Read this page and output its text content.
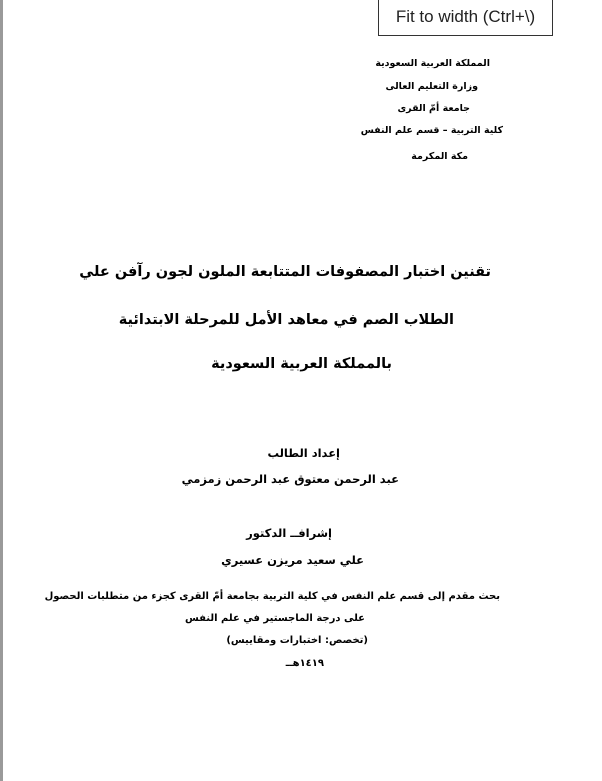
Fit to width (Ctrl+\)
المملكة العربية السعودية
وزارة التعليم العالى
جامعة أمّ القرى
كلية التربية – قسم علم النفس
مكة المكرمة
تقنين اختبار المصفوفات المتتابعة الملون لجون رآفن علي
الطلاب الصم في معاهد الأمل للمرحلة الابتدائية
بالمملكة العربية السعودية
إعداد الطالب
عبد الرحمن معتوق عبد الرحمن زمزمي
إشرافــ الدكتور
علي سعيد مريزن عسيري
بحث مقدم إلى قسم علم النفس في كلية التربية بجامعة أمّ القرى كجزء من متطلبات الحصول
على درجة الماجستير في علم النفس
(تخصص: اختبارات ومقاييس)
١٤١٩هــ
